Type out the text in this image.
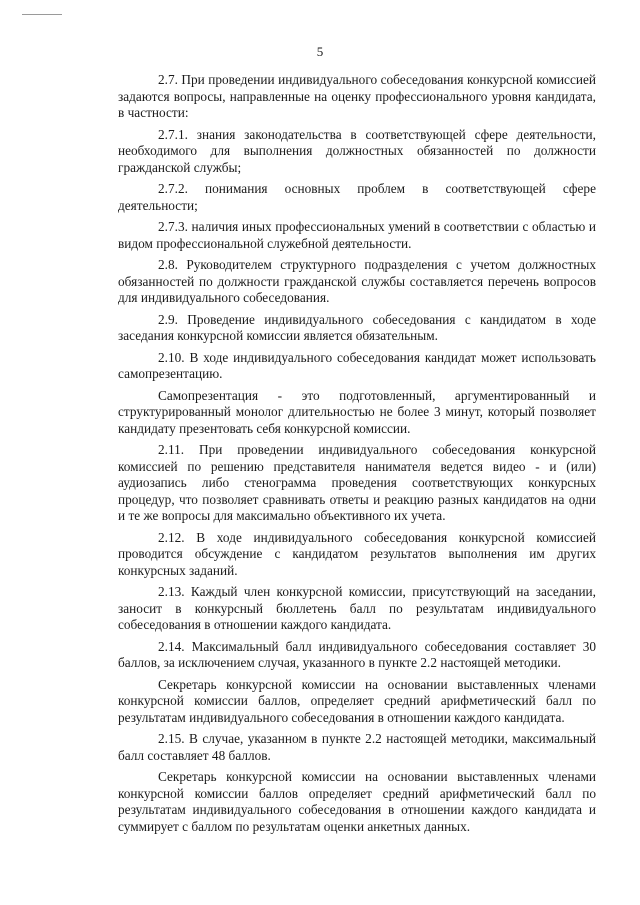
5

2.7. При проведении индивидуального собеседования конкурсной комиссией задаются вопросы, направленные на оценку профессионального уровня кандидата, в частности:

2.7.1. знания законодательства в соответствующей сфере деятельности, необходимого для выполнения должностных обязанностей по должности гражданской службы;

2.7.2. понимания основных проблем в соответствующей сфере деятельности;

2.7.3. наличия иных профессиональных умений в соответствии с областью и видом профессиональной служебной деятельности.

2.8. Руководителем структурного подразделения с учетом должностных обязанностей по должности гражданской службы составляется перечень вопросов для индивидуального собеседования.

2.9. Проведение индивидуального собеседования с кандидатом в ходе заседания конкурсной комиссии является обязательным.

2.10. В ходе индивидуального собеседования кандидат может использовать самопрезентацию.

Самопрезентация - это подготовленный, аргументированный и структурированный монолог длительностью не более 3 минут, который позволяет кандидату презентовать себя конкурсной комиссии.

2.11. При проведении индивидуального собеседования конкурсной комиссией по решению представителя нанимателя ведется видео - и (или) аудиозапись либо стенограмма проведения соответствующих конкурсных процедур, что позволяет сравнивать ответы и реакцию разных кандидатов на одни и те же вопросы для максимально объективного их учета.

2.12. В ходе индивидуального собеседования конкурсной комиссией проводится обсуждение с кандидатом результатов выполнения им других конкурсных заданий.

2.13. Каждый член конкурсной комиссии, присутствующий на заседании, заносит в конкурсный бюллетень балл по результатам индивидуального собеседования в отношении каждого кандидата.

2.14. Максимальный балл индивидуального собеседования составляет 30 баллов, за исключением случая, указанного в пункте 2.2 настоящей методики.

Секретарь конкурсной комиссии на основании выставленных членами конкурсной комиссии баллов, определяет средний арифметический балл по результатам индивидуального собеседования в отношении каждого кандидата.

2.15. В случае, указанном в пункте 2.2 настоящей методики, максимальный балл составляет 48 баллов.

Секретарь конкурсной комиссии на основании выставленных членами конкурсной комиссии баллов определяет средний арифметический балл по результатам индивидуального собеседования в отношении каждого кандидата и суммирует с баллом по результатам оценки анкетных данных.
